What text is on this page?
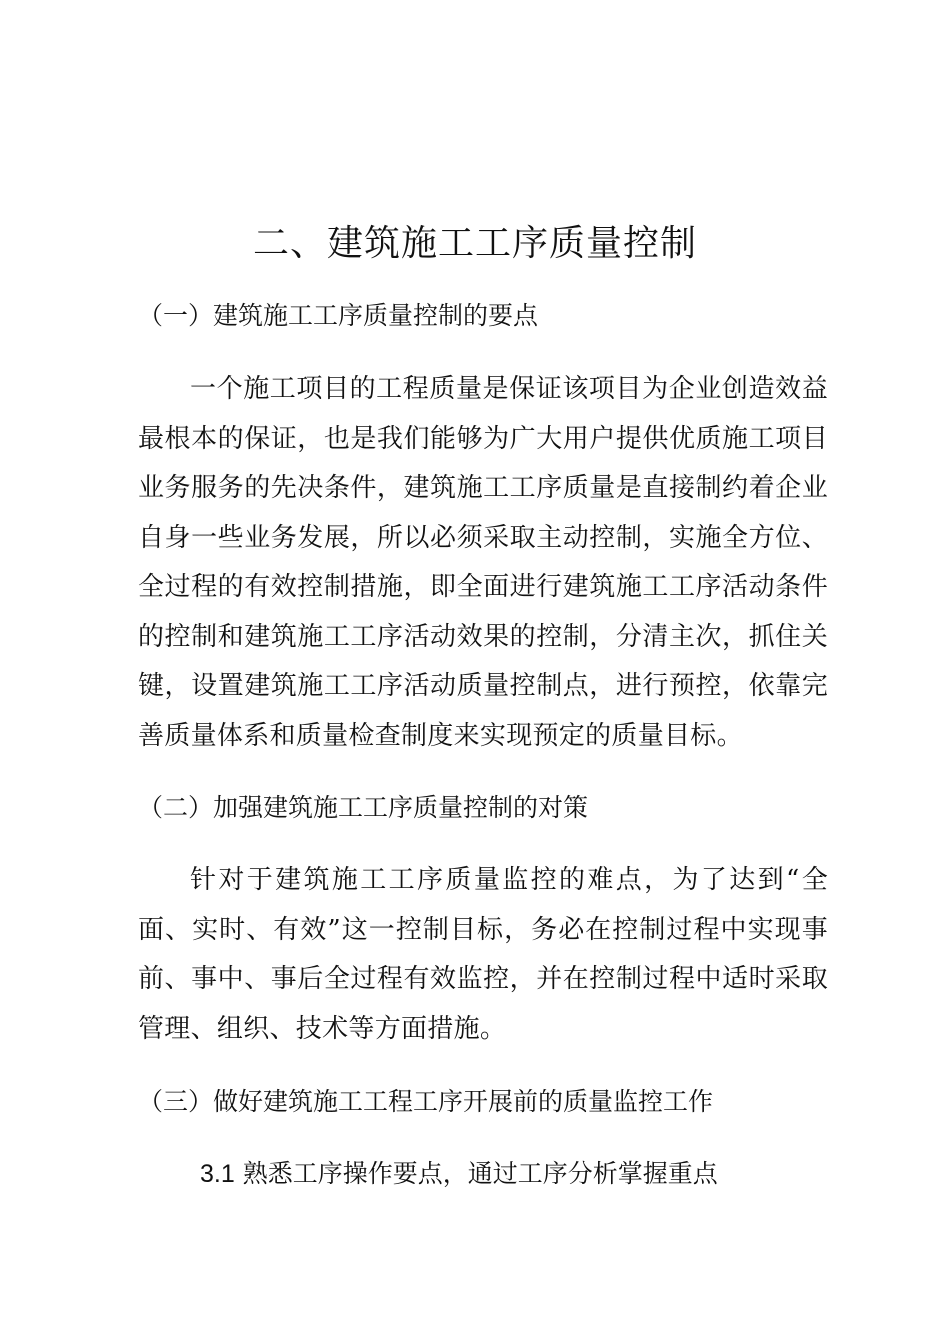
二、建筑施工工序质量控制
（一）建筑施工工序质量控制的要点

一个施工项目的工程质量是保证该项目为企业创造效益最根本的保证，也是我们能够为广大用户提供优质施工项目业务服务的先决条件，建筑施工工序质量是直接制约着企业自身一些业务发展，所以必须采取主动控制，实施全方位、全过程的有效控制措施，即全面进行建筑施工工序活动条件的控制和建筑施工工序活动效果的控制，分清主次，抓住关键，设置建筑施工工序活动质量控制点，进行预控，依靠完善质量体系和质量检查制度来实现预定的质量目标。

（二）加强建筑施工工序质量控制的对策

针对于建筑施工工序质量监控的难点，为了达到“全面、实时、有效”这一控制目标，务必在控制过程中实现事前、事中、事后全过程有效监控，并在控制过程中适时采取管理、组织、技术等方面措施。

（三）做好建筑施工工程工序开展前的质量监控工作
3.1 熟悉工序操作要点，通过工序分析掌握重点
